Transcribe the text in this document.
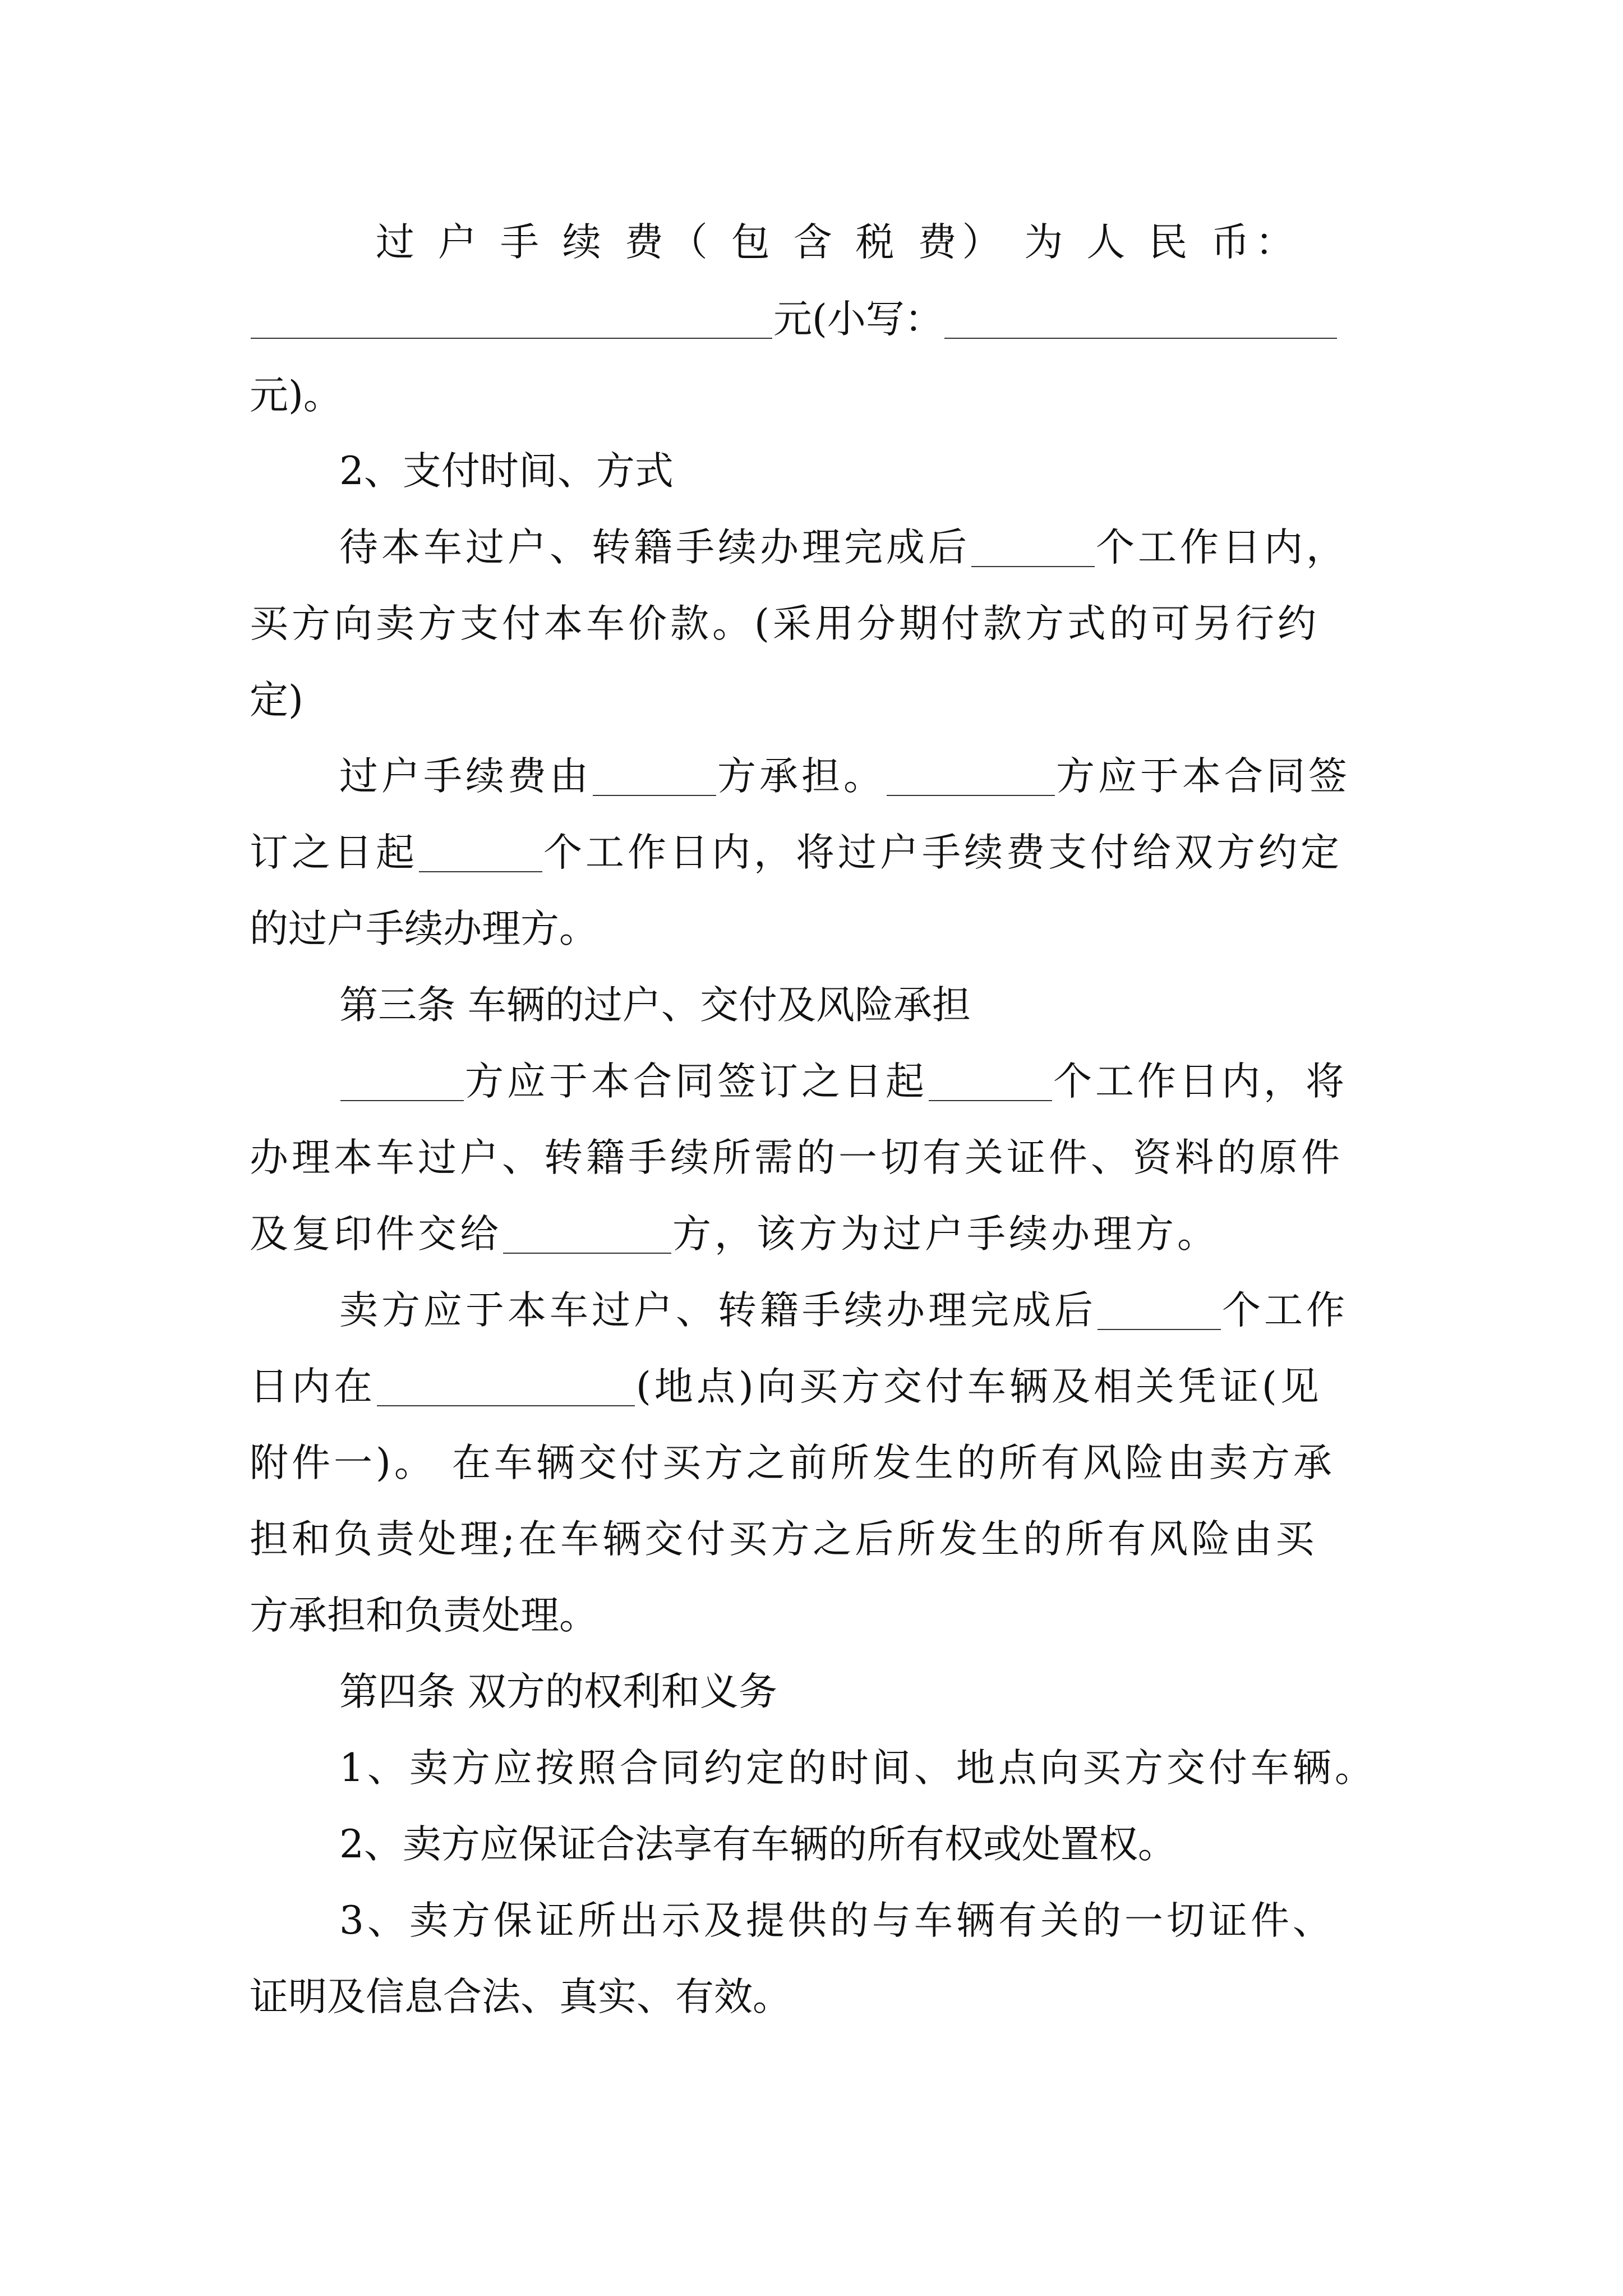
过 户 手 续 费（ 包 含 税 费） 为 人 民 币：
元(小写：
元)。
2、支付时间、方式
待本车过户、转籍手续办理完成后	个工作日内，
买方向卖方支付本车价款。(采用分期付款方式的可另行约
定)
过户手续费由	方承担。	方应于本合同签
订之日起	个工作日内，将过户手续费支付给双方约定
的过户手续办理方。
第三条 车辆的过户、交付及风险承担
方应于本合同签订之日起	个工作日内，将
办理本车过户、转籍手续所需的一切有关证件、资料的原件
及复印件交给	方，该方为过户手续办理方。
卖方应于本车过户、转籍手续办理完成后	个工作
日内在	(地点)向买方交付车辆及相关凭证(见
附件一)。 在车辆交付买方之前所发生的所有风险由卖方承
担和负责处理;在车辆交付买方之后所发生的所有风险由买
方承担和负责处理。
第四条 双方的权利和义务
1、卖方应按照合同约定的时间、地点向买方交付车辆。
2、卖方应保证合法享有车辆的所有权或处置权。
3、卖方保证所出示及提供的与车辆有关的一切证件、
证明及信息合法、真实、有效。
